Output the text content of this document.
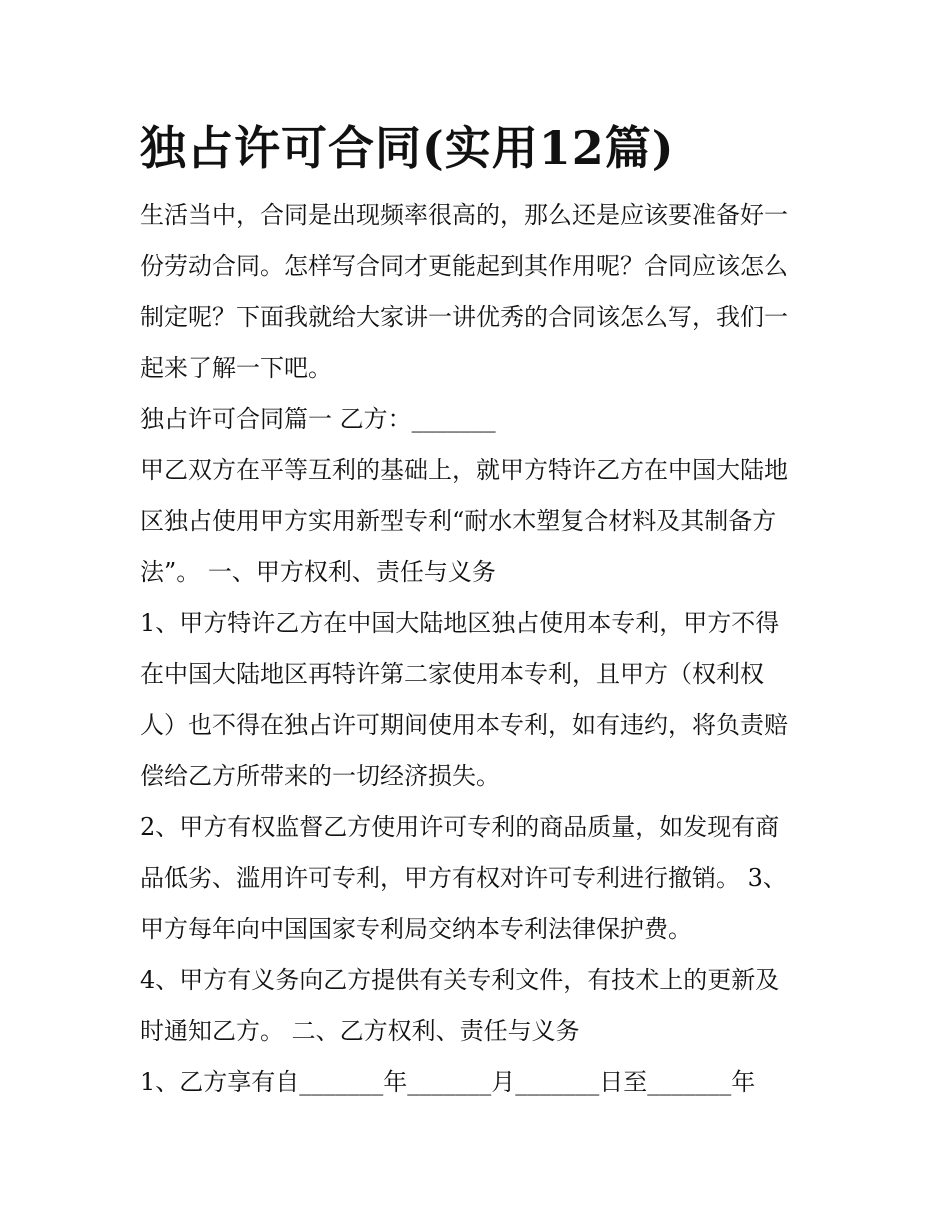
独占许可合同(实用12篇)

生活当中，合同是出现频率很高的，那么还是应该要准备好一

份劳动合同。怎样写合同才更能起到其作用呢？合同应该怎么

制定呢？下面我就给大家讲一讲优秀的合同该怎么写，我们一

起来了解一下吧。

独占许可合同篇一 乙方：_______

甲乙双方在平等互利的基础上，就甲方特许乙方在中国大陆地

区独占使用甲方实用新型专利“耐水木塑复合材料及其制备方

法”。 一、甲方权利、责任与义务

1、甲方特许乙方在中国大陆地区独占使用本专利，甲方不得

在中国大陆地区再特许第二家使用本专利，且甲方（权利权

人）也不得在独占许可期间使用本专利，如有违约，将负责赔

偿给乙方所带来的一切经济损失。

2、甲方有权监督乙方使用许可专利的商品质量，如发现有商

品低劣、滥用许可专利，甲方有权对许可专利进行撤销。 3、

甲方每年向中国国家专利局交纳本专利法律保护费。

4、甲方有义务向乙方提供有关专利文件，有技术上的更新及

时通知乙方。 二、乙方权利、责任与义务

1、乙方享有自_______年_______月_______日至_______年
